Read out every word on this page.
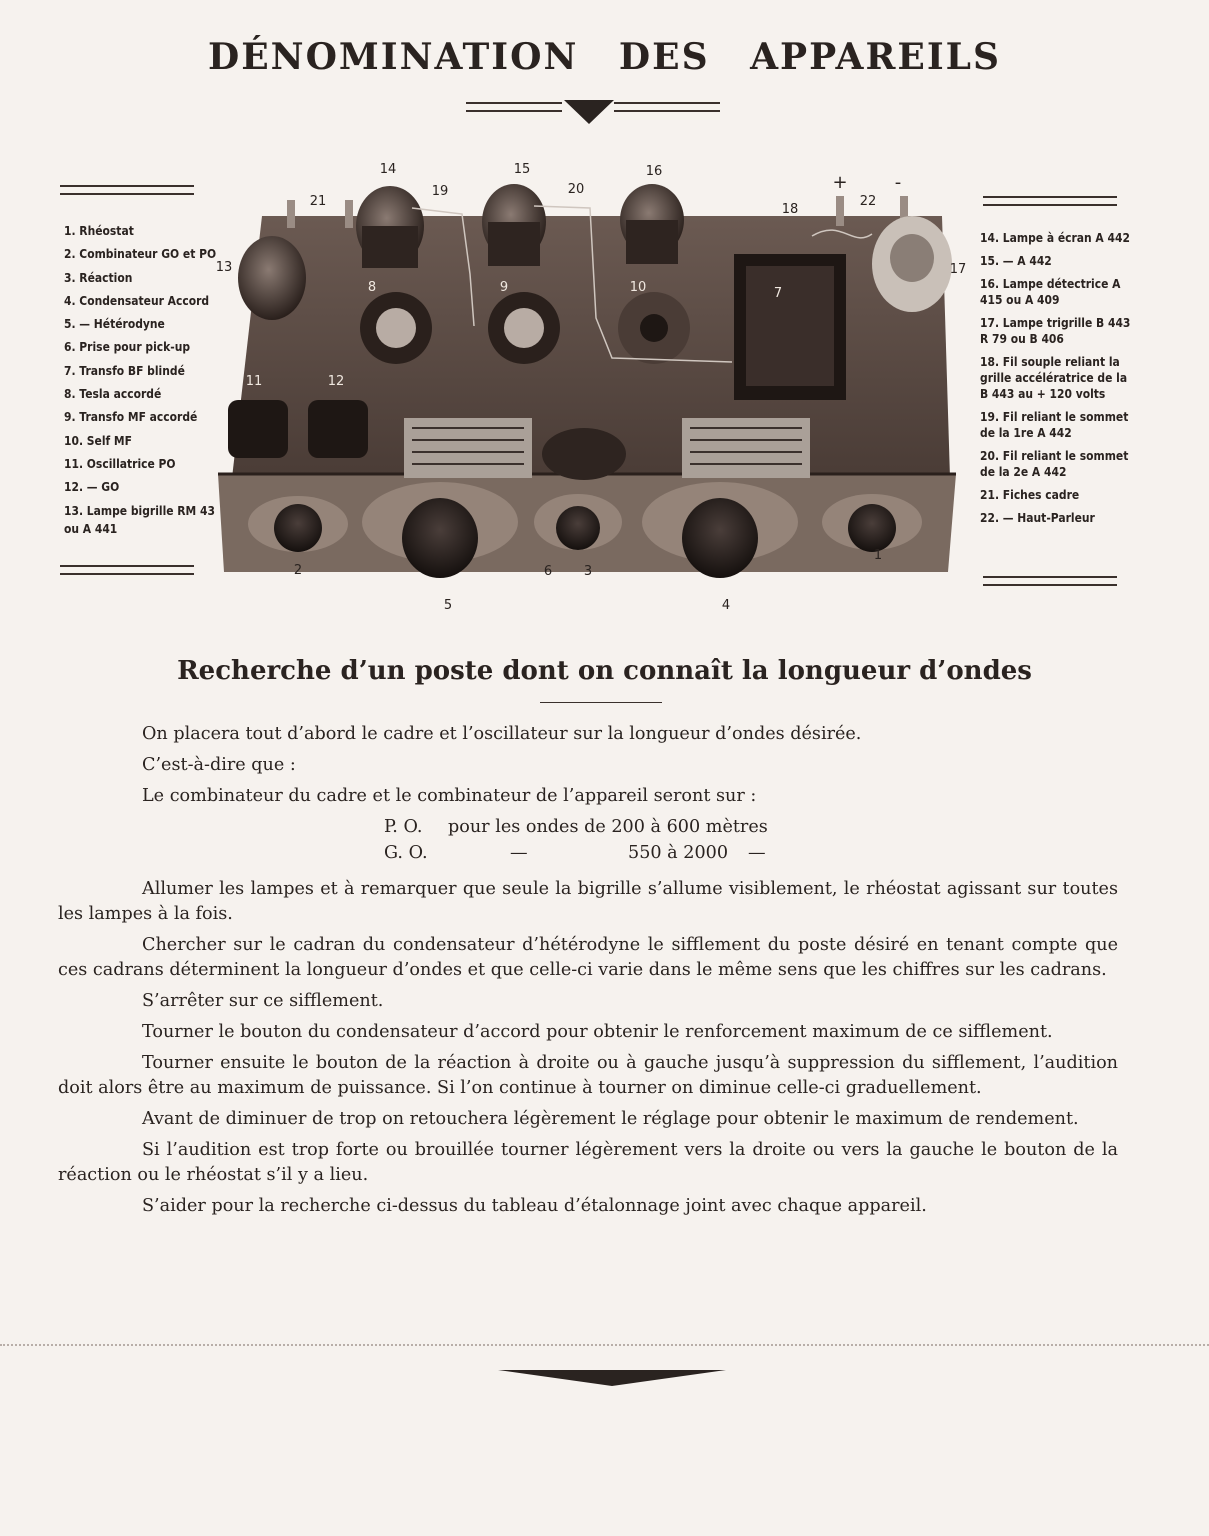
DÉNOMINATION DES APPAREILS
1. Rhéostat
2. Combinateur GO et PO
3. Réaction
4. Condensateur Accord
5. — Hétérodyne
6. Prise pour pick-up
7. Transfo BF blindé
8. Tesla accordé
9. Transfo MF accordé
10. Self MF
11. Oscillatrice PO
12. — GO
13. Lampe bigrille RM 43 ou A 441
14. Lampe à écran A 442
15. — A 442
16. Lampe détectrice A 415 ou A 409
17. Lampe trigrille B 443 R 79 ou B 406
18. Fil souple reliant la grille accélératrice de la B 443 au + 120 volts
19. Fil reliant le sommet de la 1re A 442
20. Fil reliant le sommet de la 2e A 442
21. Fiches cadre
22. — Haut-Parleur
1
2	3
4
5
6
7
8	9	10
11	12
13
14	15	16
17
18
19	20
21	22
+	-
Recherche d’un poste dont on connaît la longueur d’ondes

On placera tout d’abord le cadre et l’oscillateur sur la longueur d’ondes désirée.

C’est-à-dire que :

Le combinateur du cadre et le combinateur de l’appareil seront sur :

P. O. pour les ondes de 200 à 600 mètres
G. O.	—	550 à 2000 —

Allumer les lampes et à remarquer que seule la bigrille s’allume visiblement, le rhéostat agissant sur toutes les lampes à la fois.

Chercher sur le cadran du condensateur d’hétérodyne le sifflement du poste désiré en tenant compte que ces cadrans déterminent la longueur d’ondes et que celle-ci varie dans le même sens que les chiffres sur les cadrans.

S’arrêter sur ce sifflement.

Tourner le bouton du condensateur d’accord pour obtenir le renforcement maximum de ce sifflement.

Tourner ensuite le bouton de la réaction à droite ou à gauche jusqu’à suppression du sifflement, l’audition doit alors être au maximum de puissance. Si l’on continue à tourner on diminue celle-ci graduellement.

Avant de diminuer de trop on retouchera légèrement le réglage pour obtenir le maximum de rendement.

Si l’audition est trop forte ou brouillée tourner légèrement vers la droite ou vers la gauche le bouton de la réaction ou le rhéostat s’il y a lieu.

S’aider pour la recherche ci-dessus du tableau d’étalonnage joint avec chaque appareil.
